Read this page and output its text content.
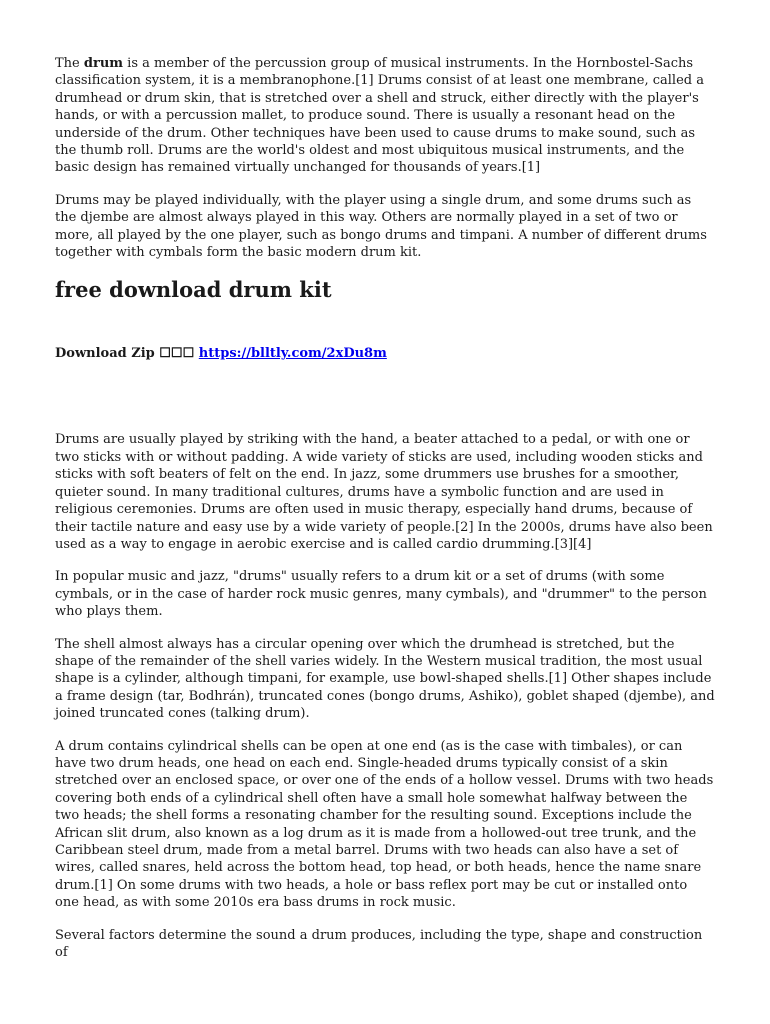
The drum is a member of the percussion group of musical instruments. In the Hornbostel-Sachs classification system, it is a membranophone.[1] Drums consist of at least one membrane, called a drumhead or drum skin, that is stretched over a shell and struck, either directly with the player's hands, or with a percussion mallet, to produce sound. There is usually a resonant head on the underside of the drum. Other techniques have been used to cause drums to make sound, such as the thumb roll. Drums are the world's oldest and most ubiquitous musical instruments, and the basic design has remained virtually unchanged for thousands of years.[1]

Drums may be played individually, with the player using a single drum, and some drums such as the djembe are almost always played in this way. Others are normally played in a set of two or more, all played by the one player, such as bongo drums and timpani. A number of different drums together with cymbals form the basic modern drum kit.

free download drum kit
Download Zip ☐☐☐ https://blltly.com/2xDu8m

Drums are usually played by striking with the hand, a beater attached to a pedal, or with one or two sticks with or without padding. A wide variety of sticks are used, including wooden sticks and sticks with soft beaters of felt on the end. In jazz, some drummers use brushes for a smoother, quieter sound. In many traditional cultures, drums have a symbolic function and are used in religious ceremonies. Drums are often used in music therapy, especially hand drums, because of their tactile nature and easy use by a wide variety of people.[2] In the 2000s, drums have also been used as a way to engage in aerobic exercise and is called cardio drumming.[3][4]

In popular music and jazz, "drums" usually refers to a drum kit or a set of drums (with some cymbals, or in the case of harder rock music genres, many cymbals), and "drummer" to the person who plays them.

The shell almost always has a circular opening over which the drumhead is stretched, but the shape of the remainder of the shell varies widely. In the Western musical tradition, the most usual shape is a cylinder, although timpani, for example, use bowl-shaped shells.[1] Other shapes include a frame design (tar, Bodhrán), truncated cones (bongo drums, Ashiko), goblet shaped (djembe), and joined truncated cones (talking drum).

A drum contains cylindrical shells can be open at one end (as is the case with timbales), or can have two drum heads, one head on each end. Single-headed drums typically consist of a skin stretched over an enclosed space, or over one of the ends of a hollow vessel. Drums with two heads covering both ends of a cylindrical shell often have a small hole somewhat halfway between the two heads; the shell forms a resonating chamber for the resulting sound. Exceptions include the African slit drum, also known as a log drum as it is made from a hollowed-out tree trunk, and the Caribbean steel drum, made from a metal barrel. Drums with two heads can also have a set of wires, called snares, held across the bottom head, top head, or both heads, hence the name snare drum.[1] On some drums with two heads, a hole or bass reflex port may be cut or installed onto one head, as with some 2010s era bass drums in rock music.

Several factors determine the sound a drum produces, including the type, shape and construction of
